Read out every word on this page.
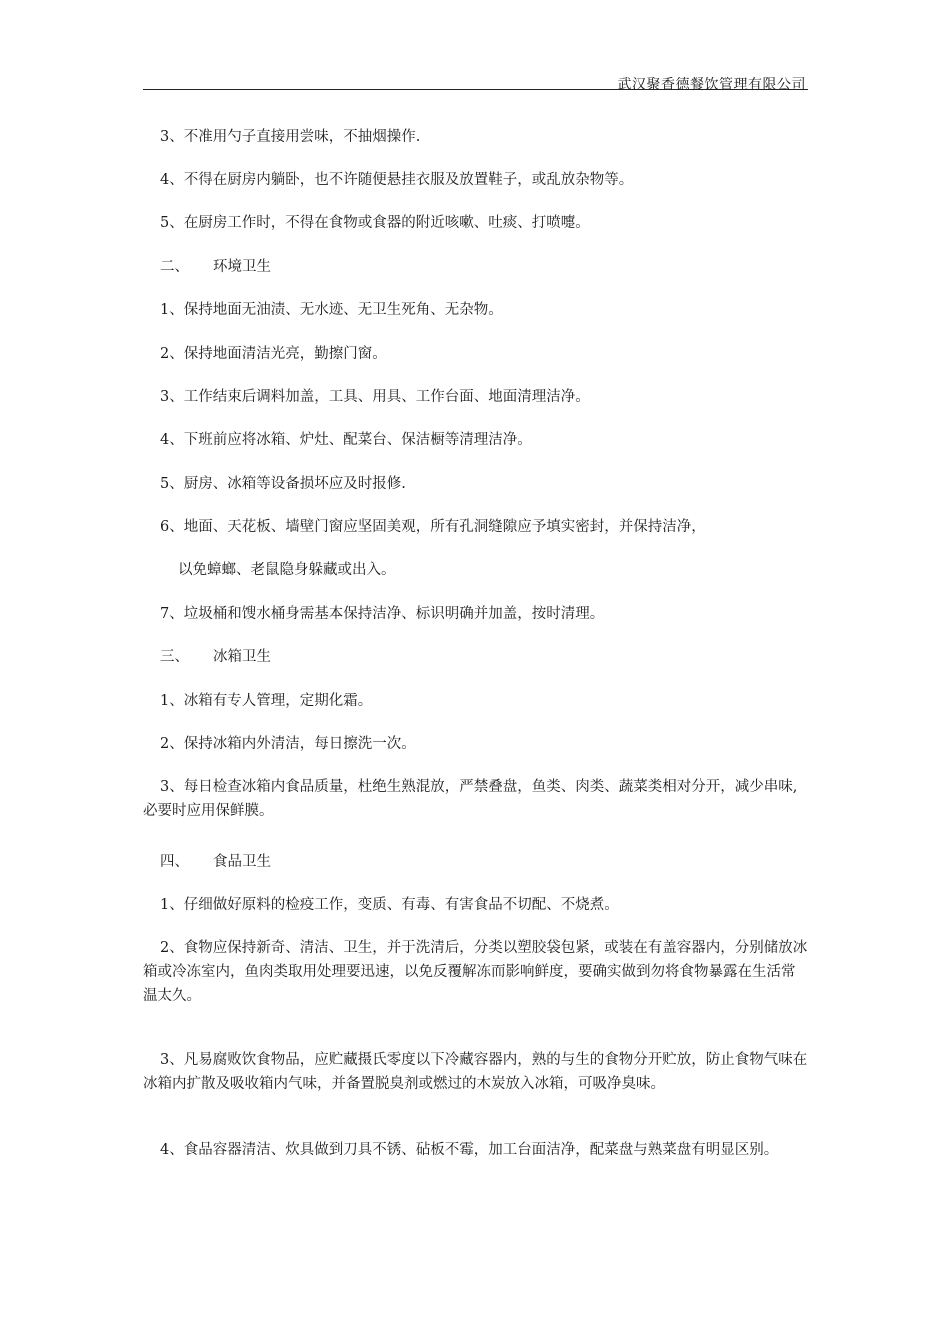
武汉聚香德餐饮管理有限公司
3、不准用勺子直接用尝味，不抽烟操作.
4、不得在厨房内躺卧，也不许随便悬挂衣服及放置鞋子，或乱放杂物等。
5、在厨房工作时，不得在食物或食器的附近咳嗽、吐痰、打喷嚏。
二、 环境卫生
1、保持地面无油渍、无水迹、无卫生死角、无杂物。
2、保持地面清洁光亮，勤擦门窗。
3、工作结束后调料加盖，工具、用具、工作台面、地面清理洁净。
4、下班前应将冰箱、炉灶、配菜台、保洁橱等清理洁净。
5、厨房、冰箱等设备损坏应及时报修.
6、地面、天花板、墙壁门窗应坚固美观，所有孔洞缝隙应予填实密封，并保持洁净，
以免蟑螂、老鼠隐身躲藏或出入。
7、垃圾桶和馊水桶身需基本保持洁净、标识明确并加盖，按时清理。
三、 冰箱卫生
1、冰箱有专人管理，定期化霜。
2、保持冰箱内外清洁，每日擦洗一次。
3、每日检查冰箱内食品质量，杜绝生熟混放，严禁叠盘，鱼类、肉类、蔬菜类相对分开，减少串味,必要时应用保鲜膜。
四、 食品卫生
1、仔细做好原料的检疫工作，变质、有毒、有害食品不切配、不烧煮。
2、食物应保持新奇、清洁、卫生，并于洗清后，分类以塑胶袋包紧，或装在有盖容器内，分别储放冰箱或冷冻室内，鱼肉类取用处理要迅速，以免反覆解冻而影响鲜度，要确实做到勿将食物暴露在生活常温太久。
3、凡易腐败饮食物品，应贮藏摄氏零度以下冷藏容器内，熟的与生的食物分开贮放，防止食物气味在冰箱内扩散及吸收箱内气味，并备置脱臭剂或燃过的木炭放入冰箱，可吸净臭味。
4、食品容器清洁、炊具做到刀具不锈、砧板不霉，加工台面洁净，配菜盘与熟菜盘有明显区别。
